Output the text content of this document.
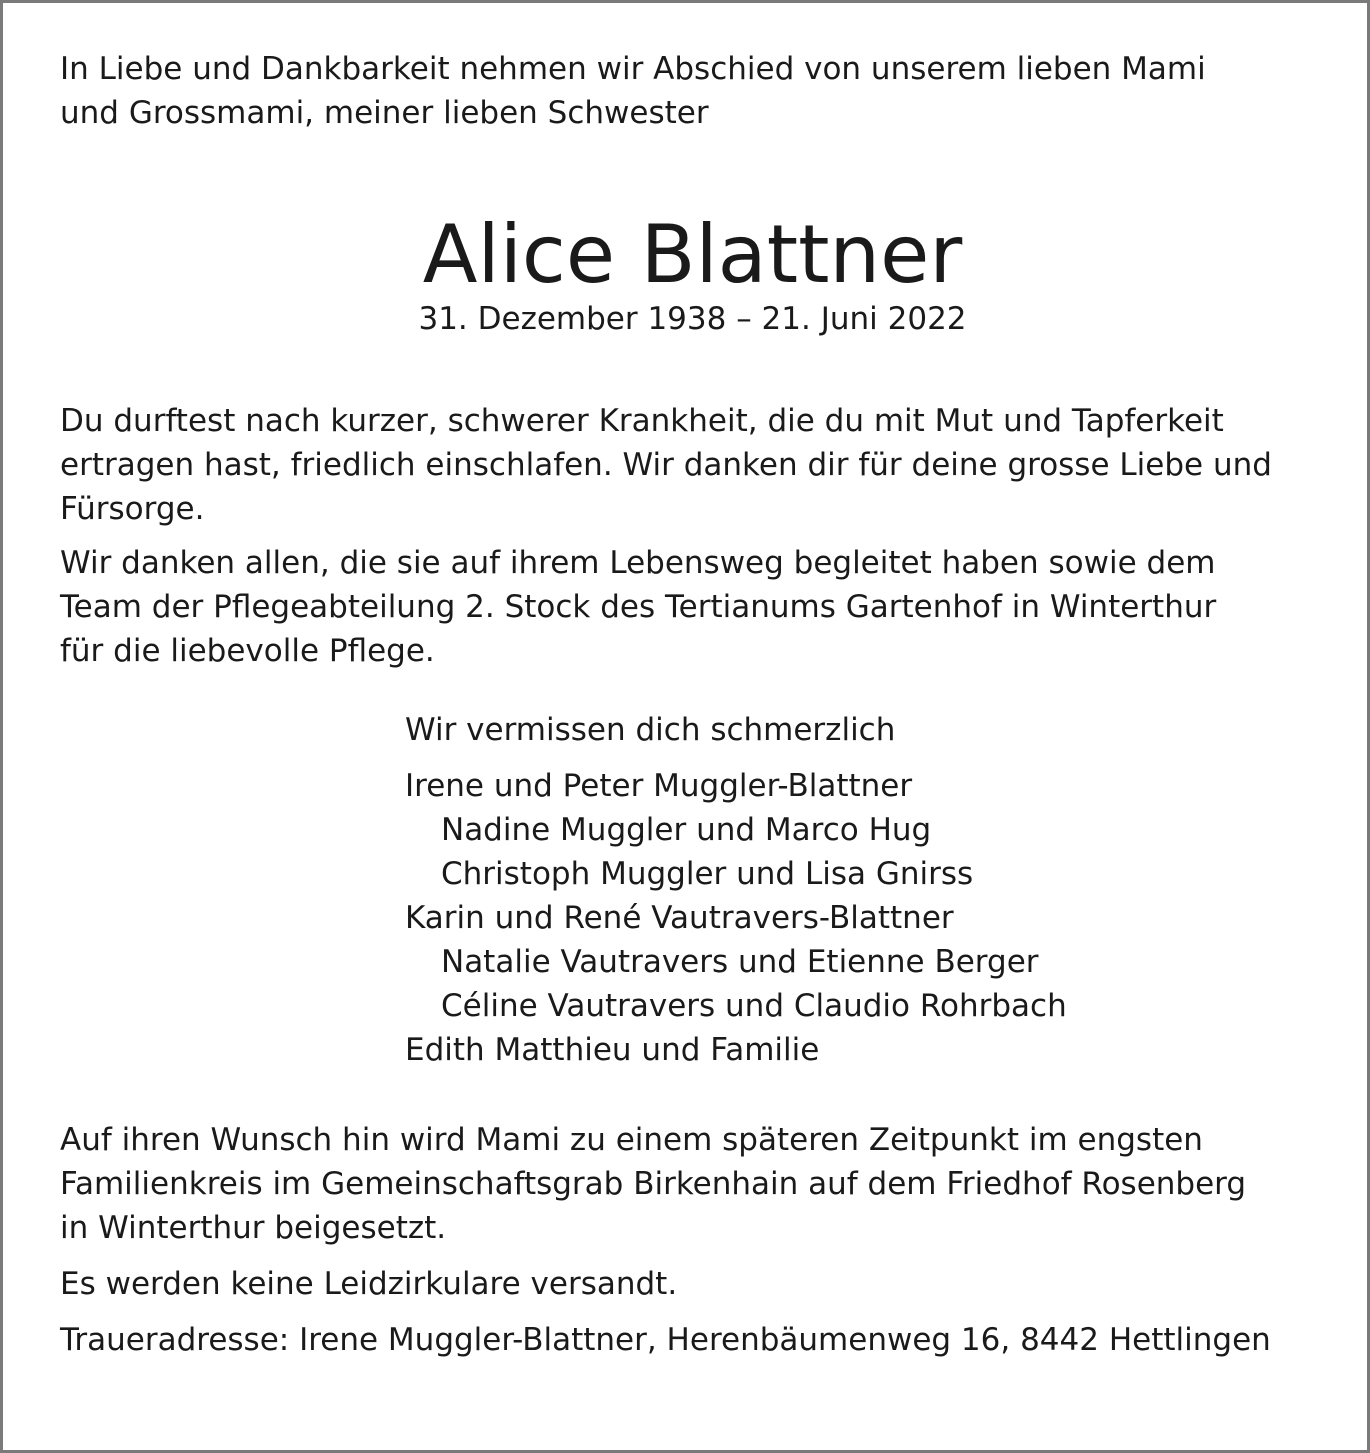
In Liebe und Dankbarkeit nehmen wir Abschied von unserem lieben Mami

und Grossmami, meiner lieben Schwester

Alice Blattner

31. Dezember 1938 – 21. Juni 2022

Du durftest nach kurzer, schwerer Krankheit, die du mit Mut und Tapferkeit

ertragen hast, friedlich einschlafen. Wir danken dir für deine grosse Liebe und

Fürsorge.

Wir danken allen, die sie auf ihrem Lebensweg begleitet haben sowie dem

Team der Pflegeabteilung 2. Stock des Tertianums Gartenhof in Winterthur

für die liebevolle Pflege.

Wir vermissen dich schmerzlich

Irene und Peter Muggler-Blattner

Nadine Muggler und Marco Hug

Christoph Muggler und Lisa Gnirss

Karin und René Vautravers-Blattner

Natalie Vautravers und Etienne Berger

Céline Vautravers und Claudio Rohrbach

Edith Matthieu und Familie

Auf ihren Wunsch hin wird Mami zu einem späteren Zeitpunkt im engsten

Familienkreis im Gemeinschaftsgrab Birkenhain auf dem Friedhof Rosenberg

in Winterthur beigesetzt.

Es werden keine Leidzirkulare versandt.

Traueradresse: Irene Muggler-Blattner, Herenbäumenweg 16, 8442 Hettlingen
